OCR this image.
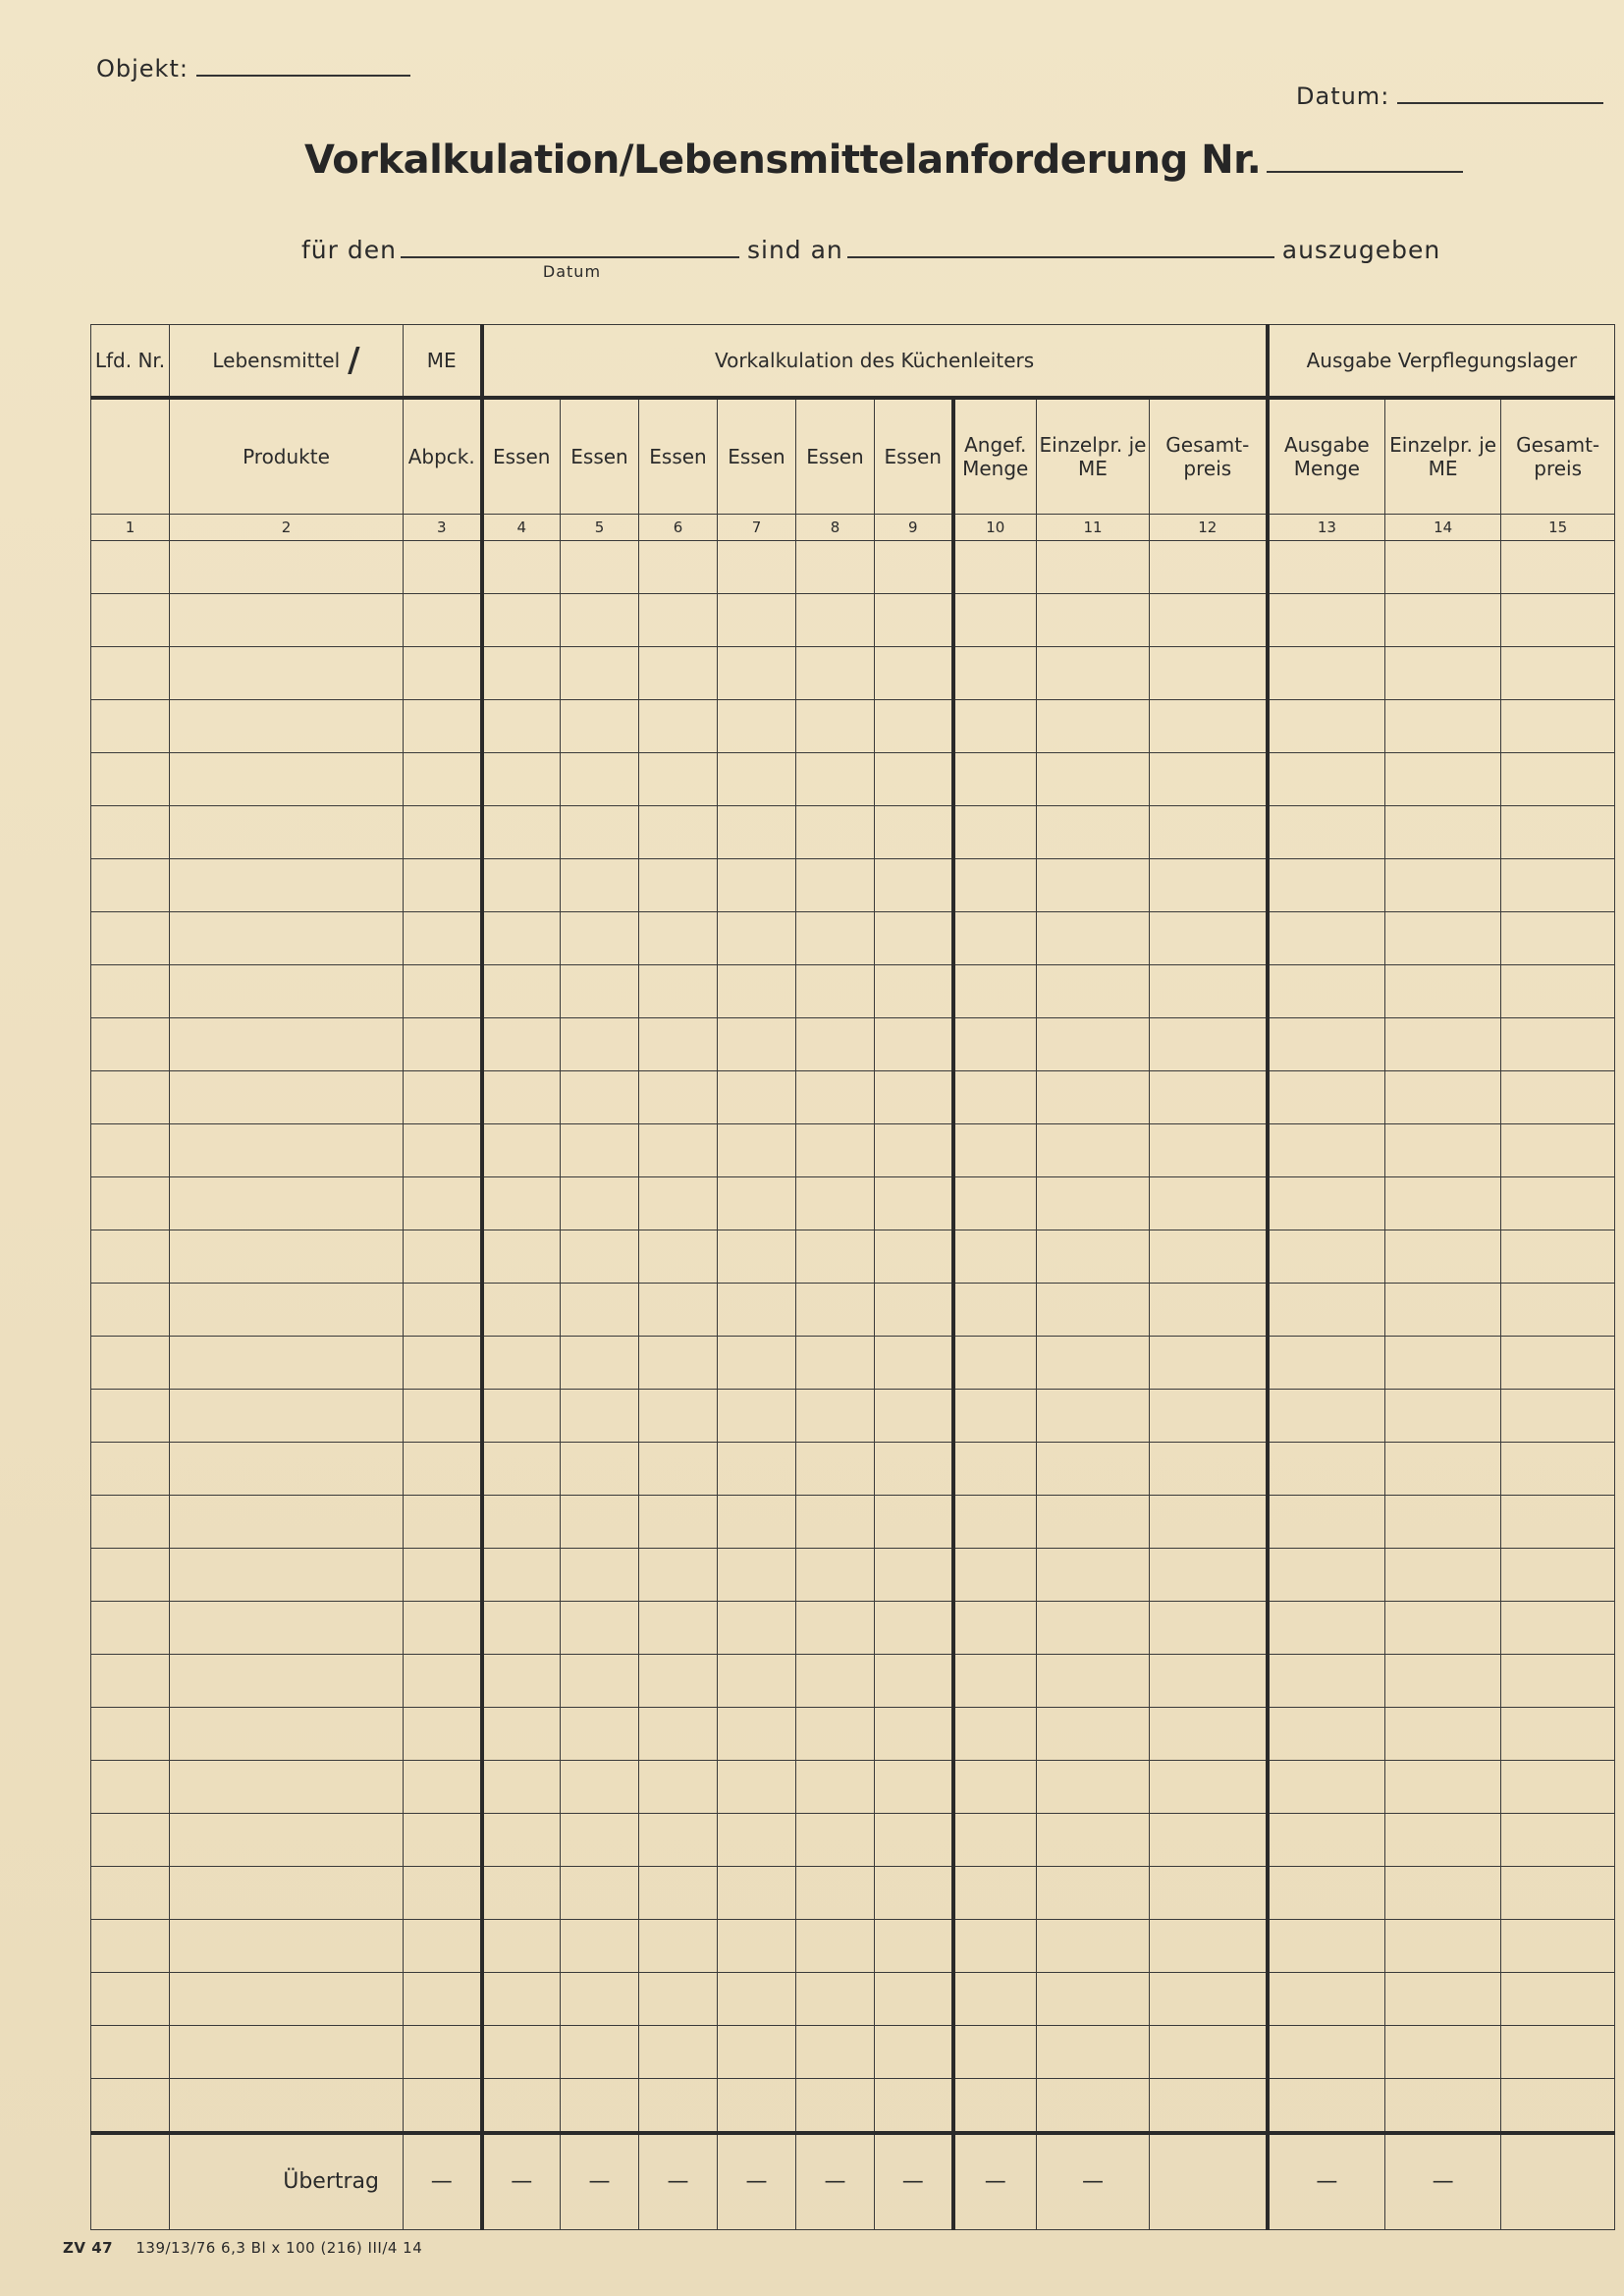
Objekt:
Datum:
Vorkalkulation/Lebensmittelanforderung Nr.
für den
Datum
sind an	auszugeben
Lfd. Nr.	Lebensmittel /	ME	Vorkalkulation des Küchenleiters									Ausgabe Verpflegungslager		
	Produkte	Abpck.	Essen	Essen	Essen	Essen	Essen	Essen	Angef. Menge	Einzelpr. je ME	Gesamt-preis	Ausgabe Menge	Einzelpr. je ME	Gesamt-preis
1	2	3	4	5	6	7	8	9	10	11	12	13	14	15

	Übertrag	—	—	—	—	—	—	—	—	—		—	—	
ZV 47 139/13/76 6,3 Bl x 100 (216) III/4 14
